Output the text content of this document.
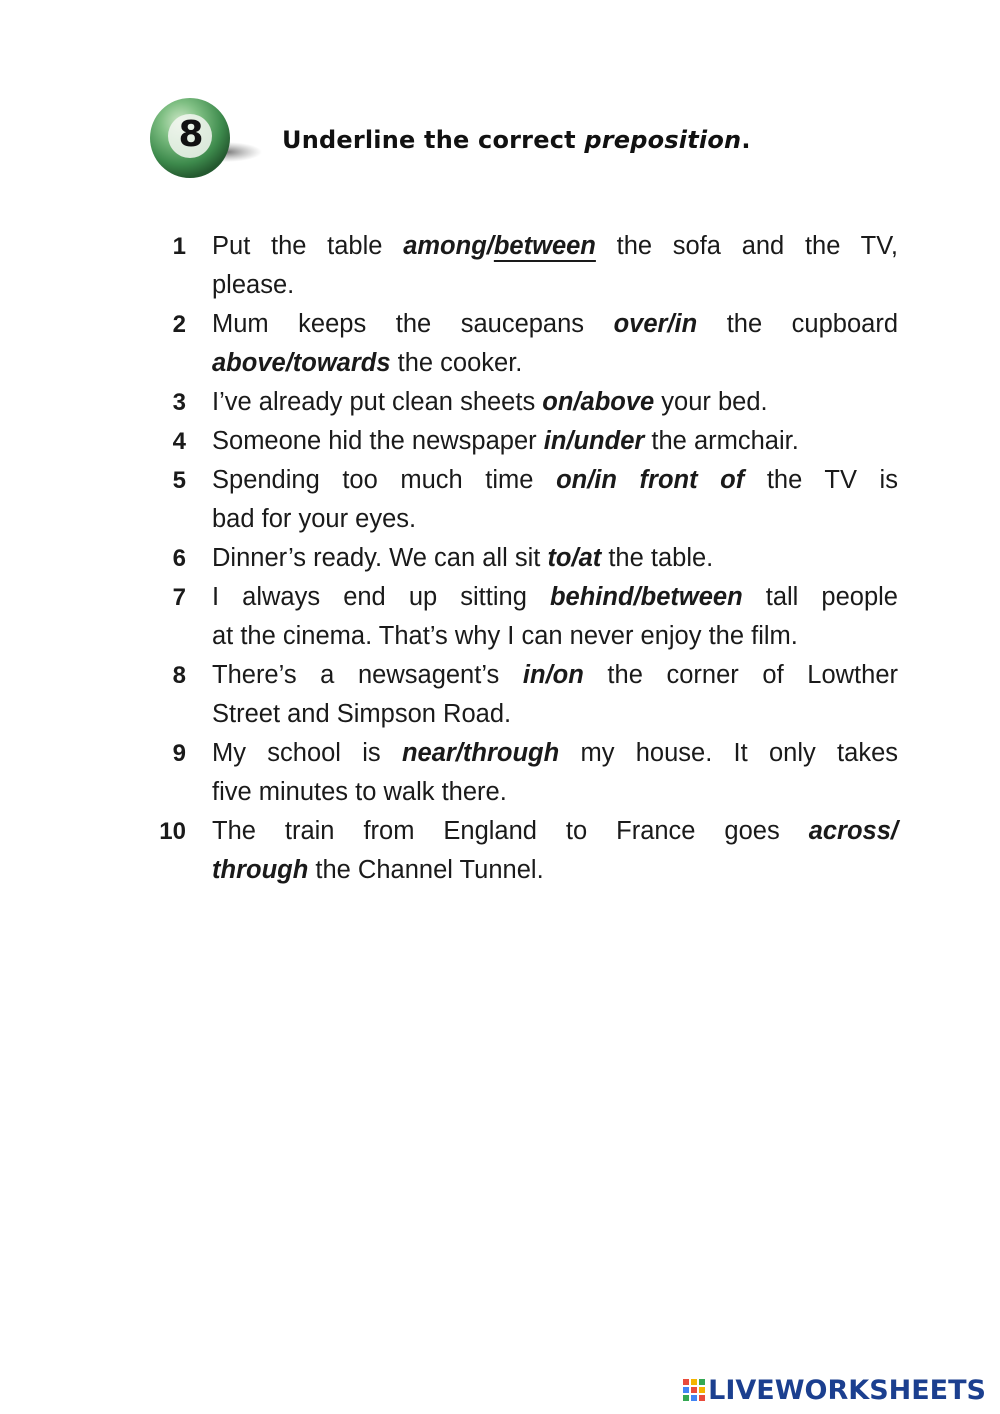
8	Underline the correct preposition.
1 Put the table among/between the sofa and the TV,
please.
2 Mum keeps the saucepans over/in the cupboard
above/towards the cooker.
3 I’ve already put clean sheets on/above your bed.
4 Someone hid the newspaper in/under the armchair.
5 Spending too much time on/in front of the TV is
bad for your eyes.
6 Dinner’s ready. We can all sit to/at the table.
7 I always end up sitting behind/between tall people
at the cinema. That’s why I can never enjoy the film.
8 There’s a newsagent’s in/on the corner of Lowther
Street and Simpson Road.
9 My school is near/through my house. It only takes
five minutes to walk there.
10 The train from England to France goes across/
through the Channel Tunnel.
LIVEWORKSHEETS
